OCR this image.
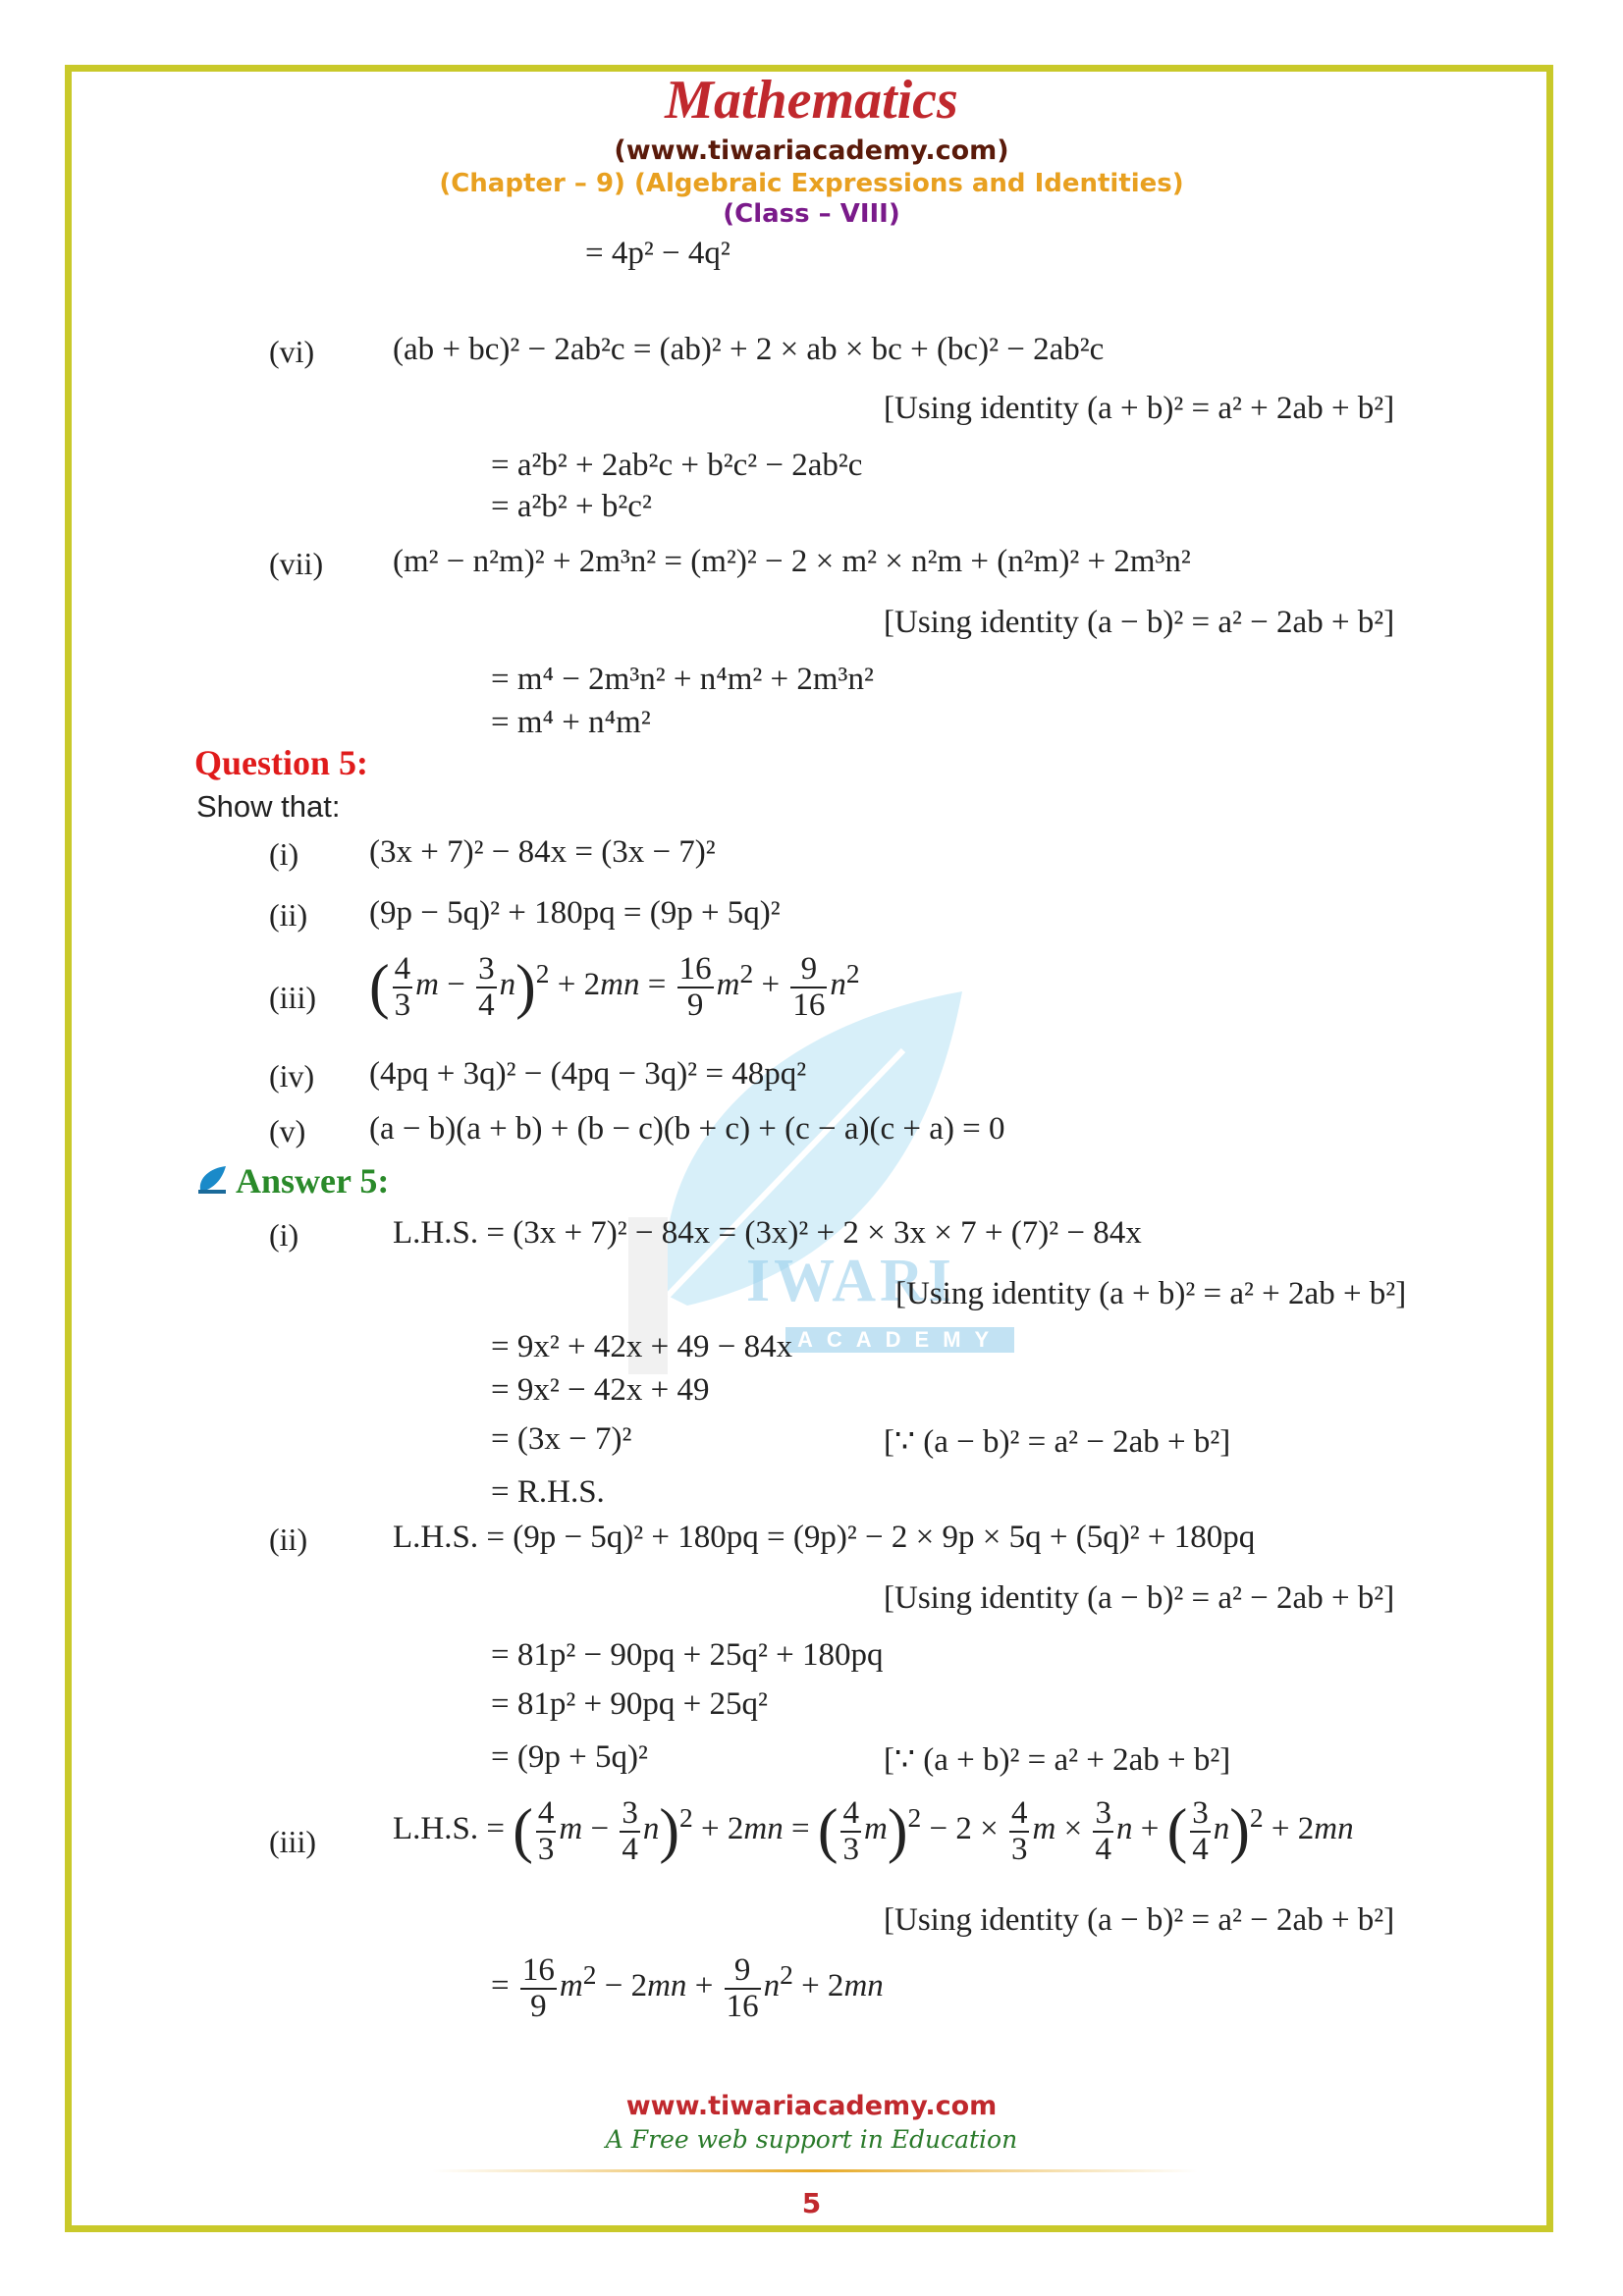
IWARI
ACADEMY
Mathematics
(www.tiwariacademy.com)
(Chapter – 9) (Algebraic Expressions and Identities)
(Class – VIII)
= 4p² − 4q²
(vi) (ab + bc)² − 2ab²c = (ab)² + 2 × ab × bc + (bc)² − 2ab²c
[Using identity (a + b)² = a² + 2ab + b²]
= a²b² + 2ab²c + b²c² − 2ab²c
= a²b² + b²c²
(vii) (m² − n²m)² + 2m³n² = (m²)² − 2 × m² × n²m + (n²m)² + 2m³n²
[Using identity (a − b)² = a² − 2ab + b²]
= m⁴ − 2m³n² + n⁴m² + 2m³n²
= m⁴ + n⁴m²
Question 5:
Show that:
(i) (3x + 7)² − 84x = (3x − 7)²
(ii) (9p − 5q)² + 180pq = (9p + 5q)²
(iii) ( $\frac{4}{3}$ $m - \frac{3}{4} n)^2 + 2mn = \frac{16}{9} m^2 + \frac{9}{16} n^2$
(iv) (4pq + 3q)² − (4pq − 3q)² = 48pq²
(v) (a − b)(a + b) + (b − c)(b + c) + (c − a)(c + a) = 0
Answer 5:
(i)	L.H.S. = (3x + 7)² − 84x = (3x)² + 2 × 3x × 7 + (7)² − 84x
[Using identity (a + b)² = a² + 2ab + b²]
= 9x² + 42x + 49 − 84x
= 9x² − 42x + 49
= (3x − 7)²	[∵ (a − b)² = a² − 2ab + b²]
= R.H.S.
(ii)	L.H.S. = (9p − 5q)² + 180pq = (9p)² − 2 × 9p × 5q + (5q)² + 180pq
[Using identity (a − b)² = a² − 2ab + b²]
= 81p² − 90pq + 25q² + 180pq
= 81p² + 90pq + 25q²
= (9p + 5q)²	[∵ (a + b)² = a² + 2ab + b²]
(iii) L.H.S. = ( $\frac{4}{3}$ $m - \frac{3}{4} n)^2 + 2mn$ = ( $\frac{4}{3} m)^2 - 2 \times \frac{4}{3}$ $m \times \frac{3}{4}$ n + ( $\frac{3}{4} n)^2 + 2mn$
[Using identity (a − b)² = a² − 2ab + b²]
= $\frac{16}{9} m^2 - 2mn + \frac{9}{16} n^2 + 2mn$
www.tiwariacademy.com
A Free web support in Education
5
